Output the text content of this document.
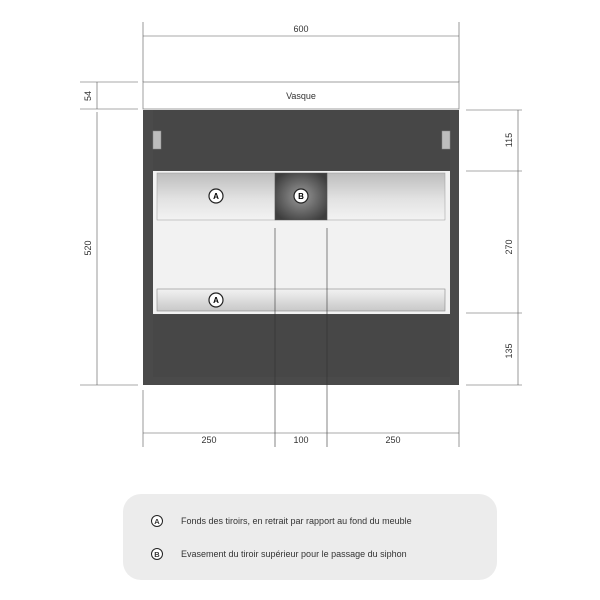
Vasque
A	B
A
600
54
520
115
270
135
250	100	250
A	Fonds des tiroirs, en retrait par rapport au fond du meuble
B	Evasement du tiroir supérieur pour le passage du siphon
